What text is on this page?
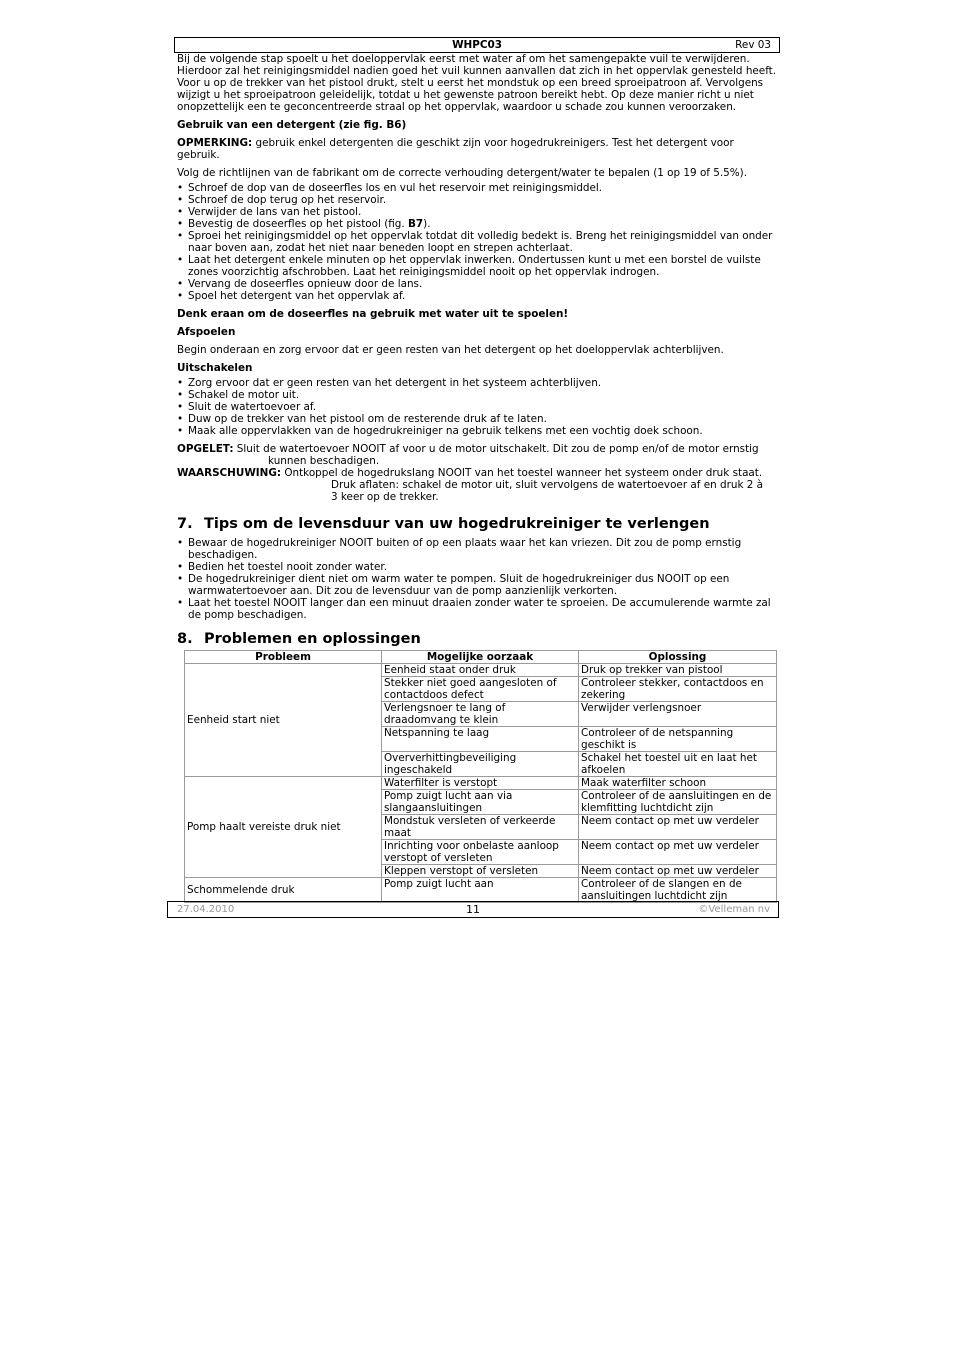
WHPC03	Rev 03

Bij de volgende stap spoelt u het doeloppervlak eerst met water af om het samengepakte vuil te verwijderen. Hierdoor zal het reinigingsmiddel nadien goed het vuil kunnen aanvallen dat zich in het oppervlak genesteld heeft. Voor u op de trekker van het pistool drukt, stelt u eerst het mondstuk op een breed sproeipatroon af. Vervolgens wijzigt u het sproeipatroon geleidelijk, totdat u het gewenste patroon bereikt hebt. Op deze manier richt u niet onopzettelijk een te geconcentreerde straal op het oppervlak, waardoor u schade zou kunnen veroorzaken.

Gebruik van een detergent (zie fig. B6)

OPMERKING: gebruik enkel detergenten die geschikt zijn voor hogedrukreinigers. Test het detergent voor gebruik.

Volg de richtlijnen van de fabrikant om de correcte verhouding detergent/water te bepalen (1 op 19 of 5.5%).

• Schroef de dop van de doseerfles los en vul het reservoir met reinigingsmiddel.
• Schroef de dop terug op het reservoir.
• Verwijder de lans van het pistool.
• Bevestig de doseerfles op het pistool (fig. B7).
• Sproei het reinigingsmiddel op het oppervlak totdat dit volledig bedekt is. Breng het reinigingsmiddel van onder naar boven aan, zodat het niet naar beneden loopt en strepen achterlaat.
• Laat het detergent enkele minuten op het oppervlak inwerken. Ondertussen kunt u met een borstel de vuilste zones voorzichtig afschrobben. Laat het reinigingsmiddel nooit op het oppervlak indrogen.
• Vervang de doseerfles opnieuw door de lans.
• Spoel het detergent van het oppervlak af.

Denk eraan om de doseerfles na gebruik met water uit te spoelen!

Afspoelen

Begin onderaan en zorg ervoor dat er geen resten van het detergent op het doeloppervlak achterblijven.

Uitschakelen

• Zorg ervoor dat er geen resten van het detergent in het systeem achterblijven.
• Schakel de motor uit.
• Sluit de watertoevoer af.
• Duw op de trekker van het pistool om de resterende druk af te laten.
• Maak alle oppervlakken van de hogedrukreiniger na gebruik telkens met een vochtig doek schoon.

OPGELET: Sluit de watertoevoer NOOIT af voor u de motor uitschakelt. Dit zou de pomp en/of de motor ernstig

kunnen beschadigen.

WAARSCHUWING: Ontkoppel de hogedrukslang NOOIT van het toestel wanneer het systeem onder druk staat.

Druk aflaten: schakel de motor uit, sluit vervolgens de watertoevoer af en druk 2 à

3 keer op de trekker.

7. Tips om de levensduur van uw hogedrukreiniger te verlengen
• Bewaar de hogedrukreiniger NOOIT buiten of op een plaats waar het kan vriezen. Dit zou de pomp ernstig beschadigen.
• Bedien het toestel nooit zonder water.
• De hogedrukreiniger dient niet om warm water te pompen. Sluit de hogedrukreiniger dus NOOIT op een warmwatertoevoer aan. Dit zou de levensduur van de pomp aanzienlijk verkorten.
• Laat het toestel NOOIT langer dan een minuut draaien zonder water te sproeien. De accumulerende warmte zal de pomp beschadigen.
8. Problemen en oplossingen
Probleem	Mogelijke oorzaak	Oplossing
Eenheid start niet	Eenheid staat onder druk	Druk op trekker van pistool
	Stekker niet goed aangesloten of contactdoos defect	Controleer stekker, contactdoos en zekering
	Verlengsnoer te lang of draadomvang te klein	Verwijder verlengsnoer
	Netspanning te laag	Controleer of de netspanning geschikt is
	Oververhittingbeveiliging ingeschakeld	Schakel het toestel uit en laat het afkoelen
Pomp haalt vereiste druk niet	Waterfilter is verstopt	Maak waterfilter schoon
	Pomp zuigt lucht aan via slangaansluitingen	Controleer of de aansluitingen en de klemfitting luchtdicht zijn
	Mondstuk versleten of verkeerde maat	Neem contact op met uw verdeler
	Inrichting voor onbelaste aanloop verstopt of versleten	Neem contact op met uw verdeler
	Kleppen verstopt of versleten	Neem contact op met uw verdeler
Schommelende druk	Pomp zuigt lucht aan	Controleer of de slangen en de aansluitingen luchtdicht zijn
27.04.2010	11	©Velleman nv
